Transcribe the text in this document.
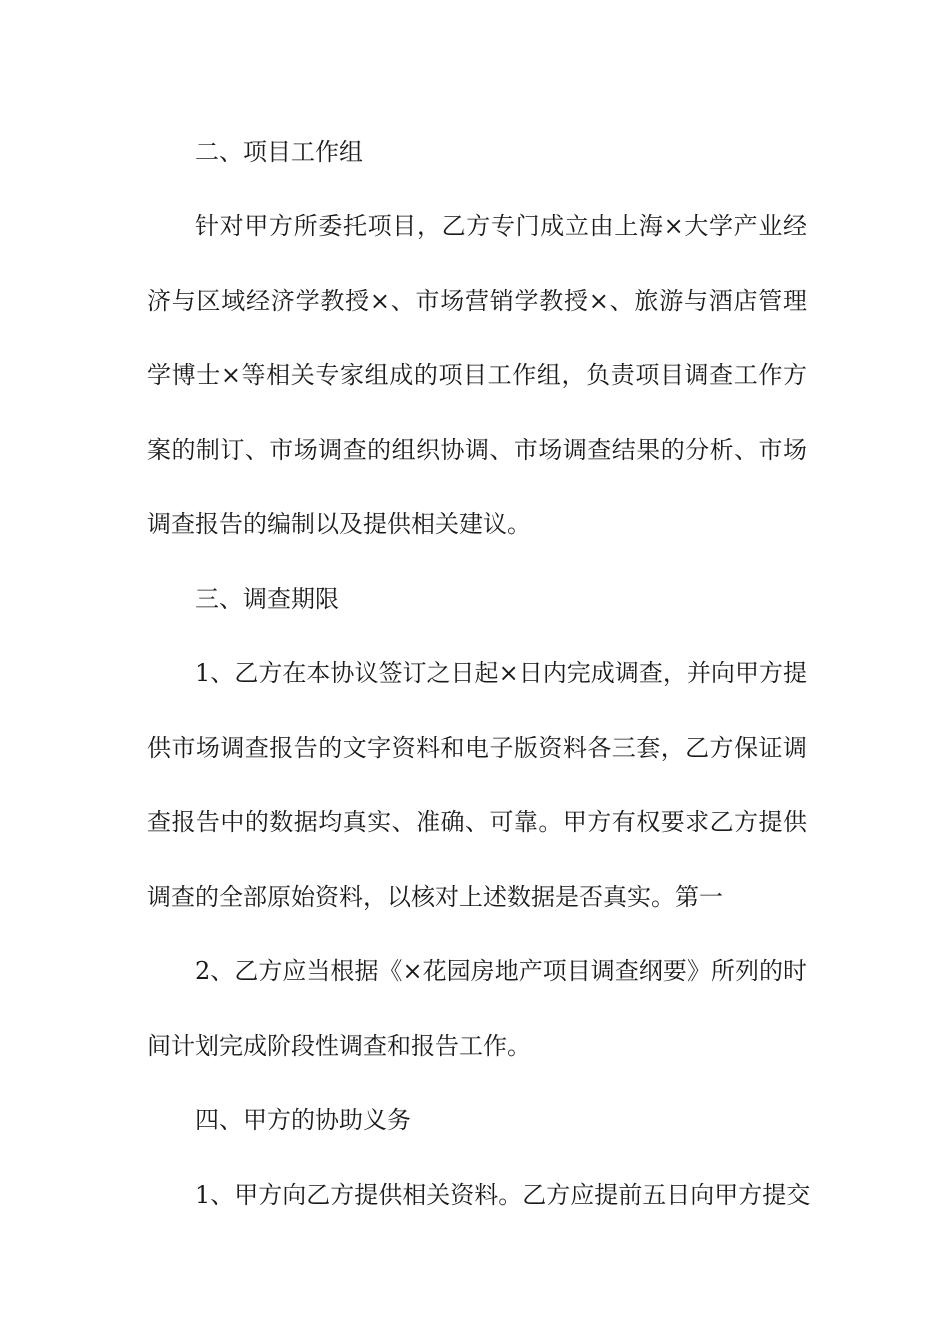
二、项目工作组
针对甲方所委托项目，乙方专门成立由上海×大学产业经
济与区域经济学教授×、市场营销学教授×、旅游与酒店管理
学博士×等相关专家组成的项目工作组，负责项目调查工作方
案的制订、市场调查的组织协调、市场调查结果的分析、市场
调查报告的编制以及提供相关建议。
三、调查期限
1、乙方在本协议签订之日起×日内完成调查，并向甲方提
供市场调查报告的文字资料和电子版资料各三套，乙方保证调
查报告中的数据均真实、准确、可靠。甲方有权要求乙方提供
调查的全部原始资料，以核对上述数据是否真实。第一
2、乙方应当根据《×花园房地产项目调查纲要》所列的时
间计划完成阶段性调查和报告工作。
四、甲方的协助义务
1、甲方向乙方提供相关资料。乙方应提前五日向甲方提交
